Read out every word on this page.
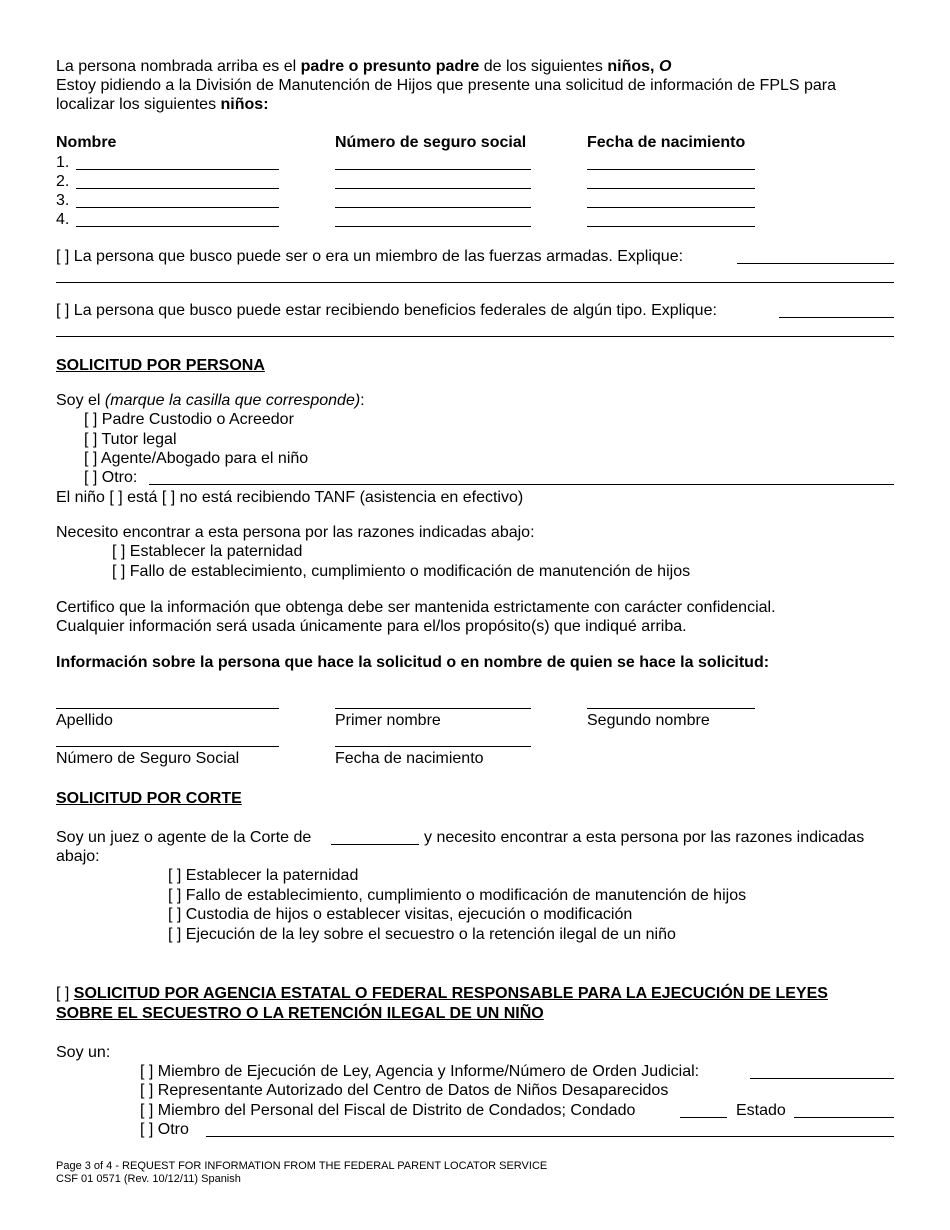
La persona nombrada arriba es el padre o presunto padre de los siguientes niños, O
Estoy pidiendo a la División de Manutención de Hijos que presente una solicitud de información de FPLS para
localizar los siguientes niños:
Nombre	Número de seguro social	Fecha de nacimiento
1.
2.
3.
4.
[ ] La persona que busco puede ser o era un miembro de las fuerzas armadas. Explique:
[ ] La persona que busco puede estar recibiendo beneficios federales de algún tipo. Explique:
SOLICITUD POR PERSONA
Soy el (marque la casilla que corresponde):
[ ] Padre Custodio o Acreedor
[ ] Tutor legal
[ ] Agente/Abogado para el niño
[ ] Otro:
El niño [ ] está [ ] no está recibiendo TANF (asistencia en efectivo)
Necesito encontrar a esta persona por las razones indicadas abajo:
[ ] Establecer la paternidad
[ ] Fallo de establecimiento, cumplimiento o modificación de manutención de hijos
Certifico que la información que obtenga debe ser mantenida estrictamente con carácter confidencial.
Cualquier información será usada únicamente para el/los propósito(s) que indiqué arriba.
Información sobre la persona que hace la solicitud o en nombre de quien se hace la solicitud:
Apellido	Primer nombre	Segundo nombre
Número de Seguro Social	Fecha de nacimiento
SOLICITUD POR CORTE
Soy un juez o agente de la Corte de	y necesito encontrar a esta persona por las razones indicadas
abajo:
[ ] Establecer la paternidad
[ ] Fallo de establecimiento, cumplimiento o modificación de manutención de hijos
[ ] Custodia de hijos o establecer visitas, ejecución o modificación
[ ] Ejecución de la ley sobre el secuestro o la retención ilegal de un niño
[ ] SOLICITUD POR AGENCIA ESTATAL O FEDERAL RESPONSABLE PARA LA EJECUCIÓN DE LEYES
SOBRE EL SECUESTRO O LA RETENCIÓN ILEGAL DE UN NIÑO
Soy un:
[ ] Miembro de Ejecución de Ley, Agencia y Informe/Número de Orden Judicial:
[ ] Representante Autorizado del Centro de Datos de Niños Desaparecidos
[ ] Miembro del Personal del Fiscal de Distrito de Condados; Condado	Estado
[ ] Otro
Page 3 of 4 - REQUEST FOR INFORMATION FROM THE FEDERAL PARENT LOCATOR SERVICE
CSF 01 0571 (Rev. 10/12/11) Spanish
